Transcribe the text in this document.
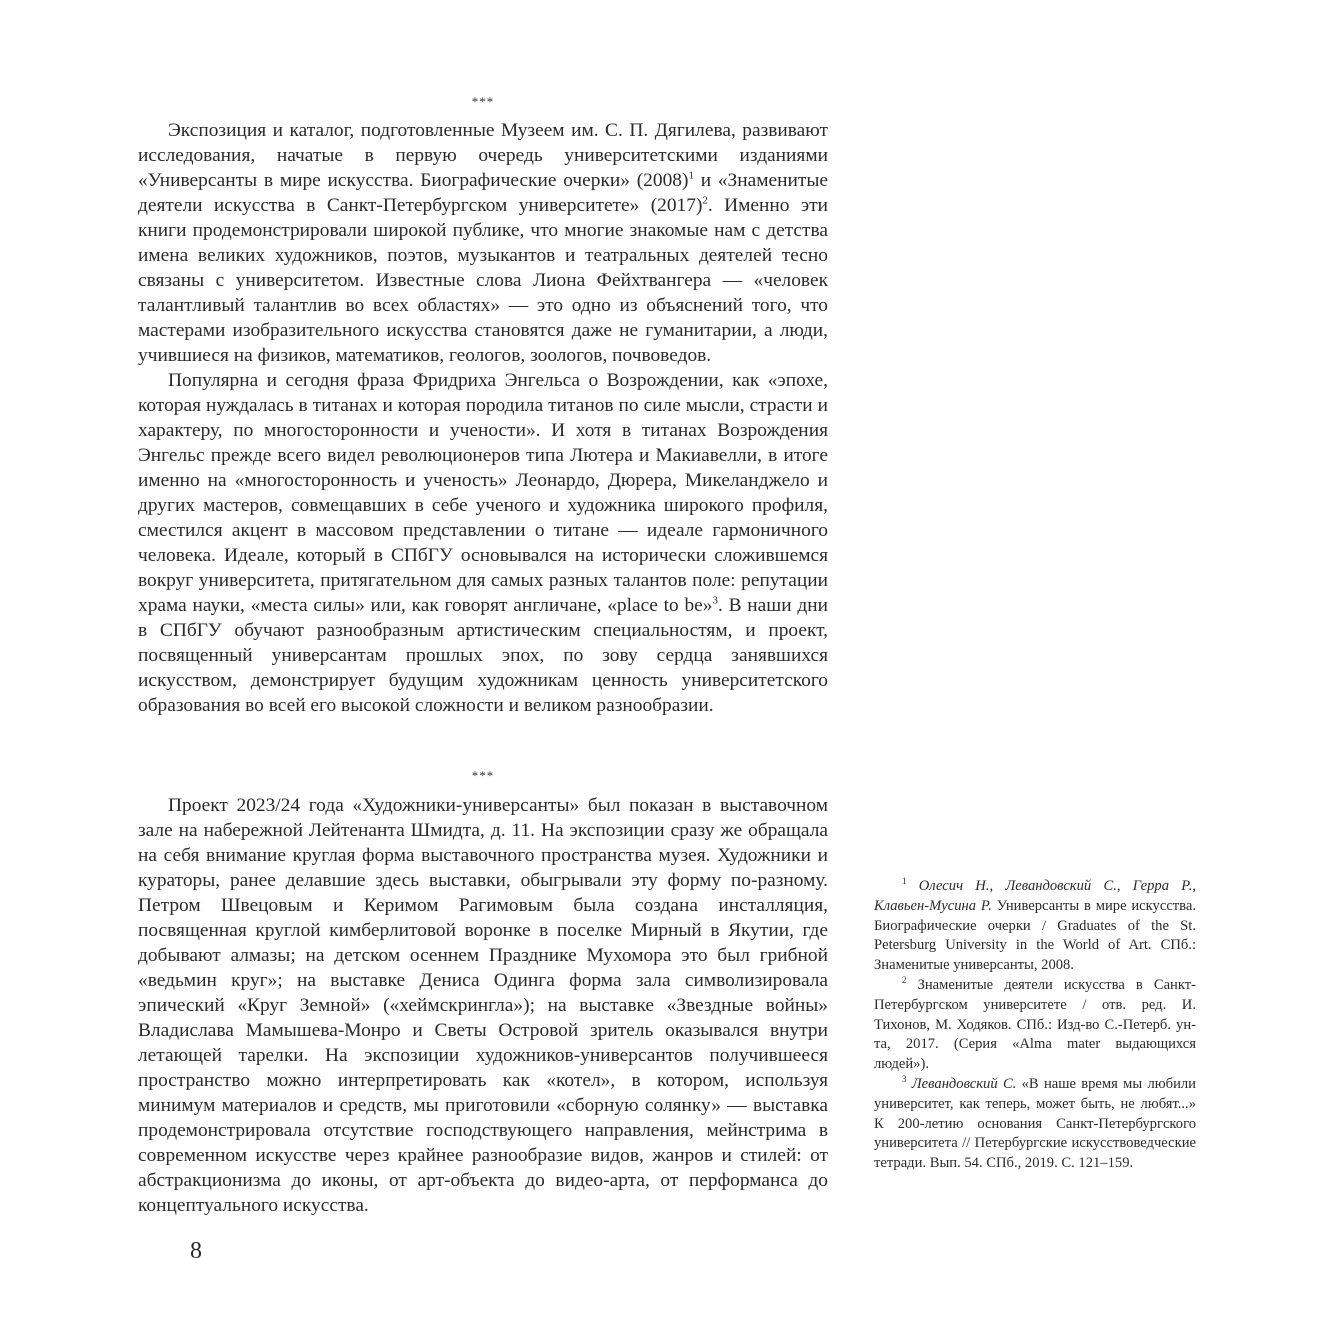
***

Экспозиция и каталог, подготовленные Музеем им. С. П. Дягилева, развивают исследования, начатые в первую очередь университетскими изданиями «Универсанты в мире искусства. Биографические очерки» $(2008)^1$ и «Знаменитые деятели искусства в Санкт-Петербургском университете» $(2017)^2$. Именно эти книги продемонстрировали широкой публике, что многие знакомые нам с детства имена великих художников, поэтов, музыкантов и театральных деятелей тесно связаны с университетом. Известные слова Лиона Фейхтвангера — «человек талантливый талантлив во всех областях» — это одно из объяснений того, что мастерами изобразительного искусства становятся даже не гуманитарии, а люди, учившиеся на физиков, математиков, геологов, зоологов, почвоведов.

Популярна и сегодня фраза Фридриха Энгельса о Возрождении, как «эпохе, которая нуждалась в титанах и которая породила титанов по силе мысли, страсти и характеру, по многосторонности и учености». И хотя в титанах Возрождения Энгельс прежде всего видел революционеров типа Лютера и Макиавелли, в итоге именно на «многосторонность и ученость» Леонардо, Дюрера, Микеланджело и других мастеров, совмещавших в себе ученого и художника широкого профиля, сместился акцент в массовом представлении о титане — идеале гармоничного человека. Идеале, который в СПбГУ основывался на исторически сложившемся вокруг университета, притягательном для самых разных талантов поле: репутации храма науки, «места силы» или, как говорят англичане, «place to be»$^3$. В наши дни в СПбГУ обучают разнообразным артистическим специальностям, и проект, посвященный универсантам прошлых эпох, по зову сердца занявшихся искусством, демонстрирует будущим художникам ценность университетского образования во всей его высокой сложности и великом разнообразии.

***

Проект 2023/24 года «Художники-универсанты» был показан в выставочном зале на набережной Лейтенанта Шмидта, д. 11. На экспозиции сразу же обращала на себя внимание круглая форма выставочного пространства музея. Художники и кураторы, ранее делавшие здесь выставки, обыгрывали эту форму по-разному. Петром Швецовым и Керимом Рагимовым была создана инсталляция, посвященная круглой кимберлитовой воронке в поселке Мирный в Якутии, где добывают алмазы; на детском осеннем Празднике Мухомора это был грибной «ведьмин круг»; на выставке Дениса Одинга форма зала символизировала эпический «Круг Земной» («хеймскрингла»); на выставке «Звездные войны» Владислава Мамышева-Монро и Светы Островой зритель оказывался внутри летающей тарелки. На экспозиции художников-универсантов получившееся пространство можно интерпретировать как «котел», в котором, используя минимум материалов и средств, мы приготовили «сборную солянку» — выставка продемонстрировала отсутствие господствующего направления, мейнстрима в современном искусстве через крайнее разнообразие видов, жанров и стилей: от абстракционизма до иконы, от арт-объекта до видео-арта, от перформанса до концептуального искусства.

$^1$ Олесич Н., Левандовский С., Герра Р., Клавьен-Мусина Р. Универсанты в мире искусства. Биографические очерки / Graduates of the St. Petersburg University in the World of Art. СПб.: Знаменитые универсанты, 2008.

$^2$ Знаменитые деятели искусства в Санкт-Петербургском университете / отв. ред. И. Тихонов, М. Ходяков. СПб.: Изд-во С.-Петерб. ун-та, 2017. (Серия «Alma mater выдающихся людей»).

$^3$ Левандовский С. «В наше время мы любили университет, как теперь, может быть, не любят...» К 200-летию основания Санкт-Петербургского университета // Петербургские искусствоведческие тетради. Вып. 54. СПб., 2019. С. 121–159.

8
